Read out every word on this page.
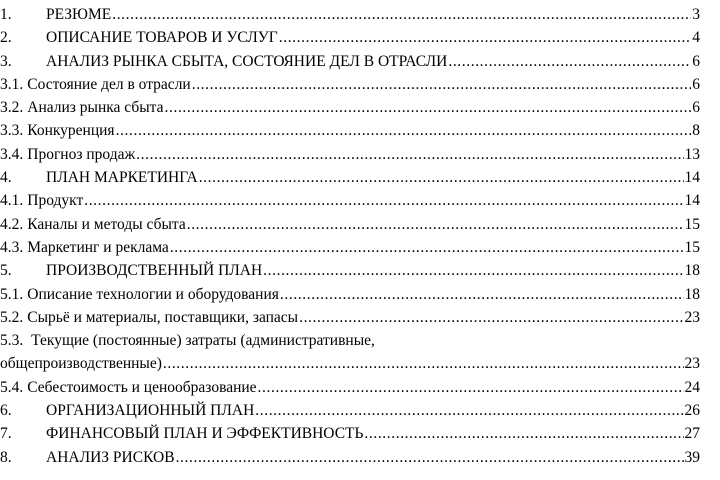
1.	РЕЗЮМЕ .....	3
2.	ОПИСАНИЕ ТОВАРОВ И УСЛУГ .....	4
3.	АНАЛИЗ РЫНКА СБЫТА, СОСТОЯНИЕ ДЕЛ В ОТРАСЛИ .....	6
3.1. Состояние дел в отрасли .....	6
3.2. Анализ рынка сбыта .....	6
3.3. Конкуренция .....	8
3.4. Прогноз продаж .....	13
4.	ПЛАН МАРКЕТИНГА .....	14
4.1. Продукт .....	14
4.2. Каналы и методы сбыта .....	15
4.3. Маркетинг и реклама .....	15
5.	ПРОИЗВОДСТВЕННЫЙ ПЛАН .....	18
5.1. Описание технологии и оборудования .....	18
5.2. Сырьё и материалы, поставщики, запасы .....	23
5.3. Текущие (постоянные) затраты (административные,
общепроизводственные) .....	23
5.4. Себестоимость и ценообразование .....	24
6.	ОРГАНИЗАЦИОННЫЙ ПЛАН .....	26
7.	ФИНАНСОВЫЙ ПЛАН И ЭФФЕКТИВНОСТЬ .....	27
8.	АНАЛИЗ РИСКОВ .....	39
